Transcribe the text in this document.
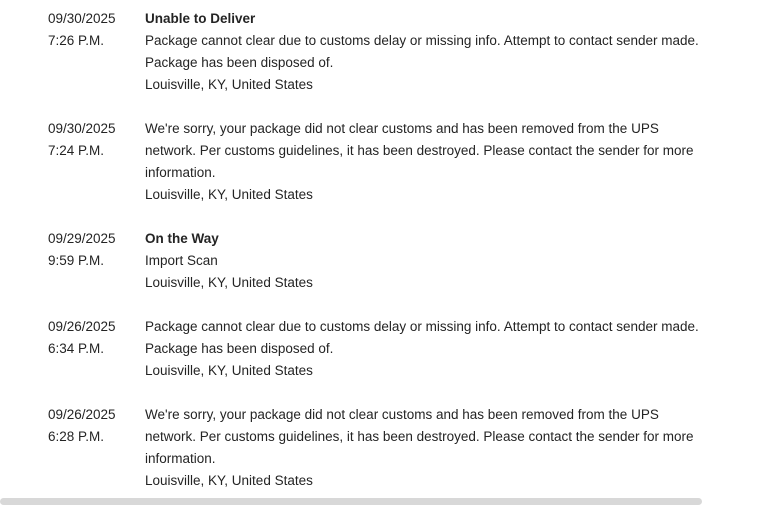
09/30/2025
7:26 P.M.
Unable to Deliver
Package cannot clear due to customs delay or missing info. Attempt to contact sender made. Package has been disposed of.
Louisville, KY, United States
09/30/2025
7:24 P.M.
We're sorry, your package did not clear customs and has been removed from the UPS network. Per customs guidelines, it has been destroyed. Please contact the sender for more information.
Louisville, KY, United States
09/29/2025
9:59 P.M.
On the Way
Import Scan
Louisville, KY, United States
09/26/2025
6:34 P.M.
Package cannot clear due to customs delay or missing info. Attempt to contact sender made. Package has been disposed of.
Louisville, KY, United States
09/26/2025
6:28 P.M.
We're sorry, your package did not clear customs and has been removed from the UPS network. Per customs guidelines, it has been destroyed. Please contact the sender for more information.
Louisville, KY, United States
